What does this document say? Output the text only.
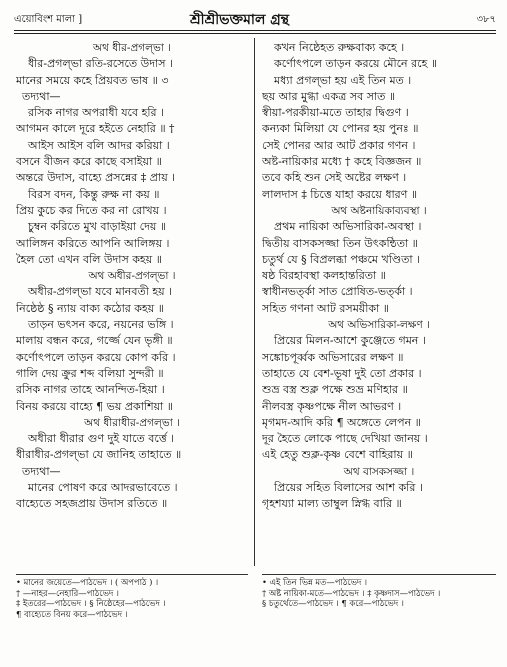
এয়োবিংশ মালা ]	শ্রীশ্রীভক্তমাল গ্রন্থ	৩৮৭
অথ ধীর-প্রগল্ভা ।
ধীর-প্রগল্ভা রতি-রসেতে উদাস ।
মানের সময়ে কহে প্রিয়বত ভাষ ॥ ৩
তদ্যথা—
রসিক নাগর অপরাধী যবে হরি ।
আগমন কালে দূরে হইতে নেহারি ॥ †
আইস আইস বলি আদর করিয়া ।
বসনে বীজন করে কাছে বসাইয়া ॥
অন্তরে উদাস, বাহ্যে প্রসন্নের ‡ প্রায় ।
বিরস বদন, কিন্তু রুক্ষ না কয় ॥
প্রিয় কুচে কর দিতে কর না রোখয় ।
চুম্বন করিতে মুখ বাড়াইয়া দেয় ॥
আলিঙ্গন করিতে আপনি আলিঙ্গয় ।
হৈল তো এখন বলি উদাস কহয় ॥
অথ অধীর-প্রগল্ভা ।
অধীর-প্রগল্ভা যবে মানবতী হয় ।
নিষ্ঠেষ্ঠ § ন্যায় বাক্য কঠোর কহয় ॥
তাড়ন ভৎসন করে, নয়নের ভঙ্গি ।
মালায় বন্ধন করে, গর্জ্জে যেন ভৃঙ্গী ॥
কর্ণোৎপলে তাড়ন করয়ে কোপ করি ।
গালি দেয় ক্রুর শব্দ বলিয়া সুন্দরী ॥
রসিক নাগর তাহে আনন্দিত-হিয়া ।
বিনয় করয়ে বাহ্যে ¶ ভয় প্রকাশিয়া ॥
অথ ধীরাধীর-প্রগল্ভা ।
অধীরা ধীরার গুণ দুই যাতে বর্ত্তে ।
ধীরাধীর-প্রগল্ভা যে জানিহ তাহাতে ॥
তদ্যথা—
মানের পোষণ করে আদরভাবেতে ।
বাহ্যেতে সহজপ্রায় উদাস রতিতে ॥
কখন নিষ্ঠেহত রুক্ষবাক্য কহে ।
কর্ণোৎপলে তাড়ন করয়ে মৌনে রহে ॥
মধ্যা প্রগল্ভা হয় এই তিন মত ।
ছয় আর মুগ্ধা একত্র সব সাত ॥
স্বীয়া-পরকীয়া-মতে তাহার দ্বিগুণ ।
কন্যকা মিলিয়া যে পোনর হয় পুনঃ ॥
সেই পোনর আর আট প্রকার গণন ।
অষ্ট-নায়িকার মধ্যে † কহে বিজ্ঞজন ॥
তবে কহি শুন সেই অষ্টের লক্ষণ ।
লালদাস ‡ চিত্তে যাহা করয়ে ধারণ ॥
অথ অষ্টনায়িকাব্যবস্থা ।
প্রথম নায়িকা অভিসারিকা-অবস্থা ।
দ্বিতীয় বাসকসজ্জা তিন উৎকন্ঠিতা ॥
চতুর্থ যে § বিপ্রলব্ধা পঞ্চমে খণ্ডিতা ।
ষষ্ঠ বিরহাবস্থা কলহান্তরিতা ॥
স্বাধীনভর্ত্কা সাত প্রোষিত-ভর্ত্কা ।
সহিত গণনা আট রসময়ীকা ॥
অথ অভিসারিকা-লক্ষণ ।
প্রিয়ের মিলন-আশে কুঞ্জেতে গমন ।
সঙ্কোচপূর্ব্বক অভিসারের লক্ষণ ॥
তাহাতে যে বেশ-ভূষা দুই তো প্রকার ।
শুভ্র বস্ত্র শুক্ল পক্ষে শুভ্র মণিহার ॥
নীলবস্ত্র কৃষ্ণপক্ষে নীল আভরণ ।
মৃগমদ-আদি করি ¶ অঙ্গেতে লেপন ॥
দূর হৈতে লোকে পাছে দেখিয়া জানয় ।
এই হেতু শুক্ল-কৃষ্ণ বেশে বাহিরায় ॥
অথ বাসকসজ্জা ।
প্রিয়ের সহিত বিলাসের আশ করি ।
গৃহশয্যা মাল্য তাম্বুল স্নিগ্ধ বারি ॥
• মানের জয়েতে—পাঠভেদ । ( অপপাঠ ) ।
† —নাহর—নেহারি—পাঠভেদ ।
‡ ইতরের—পাঠভেদ । § নিষ্ঠেহের—পাঠভেদ ।
¶ বাহ্যেতে বিনয় করে—পাঠভেদ ।
• এই তিন ভিন্ন মত—পাঠভেদ ।
† অষ্ট নায়িকা-মতে—পাঠভেদ । ‡ কৃষ্ণদাস—পাঠভেদ ।
§ চতুর্থেতে—পাঠভেদ । ¶ করে—পাঠভেদ ।
